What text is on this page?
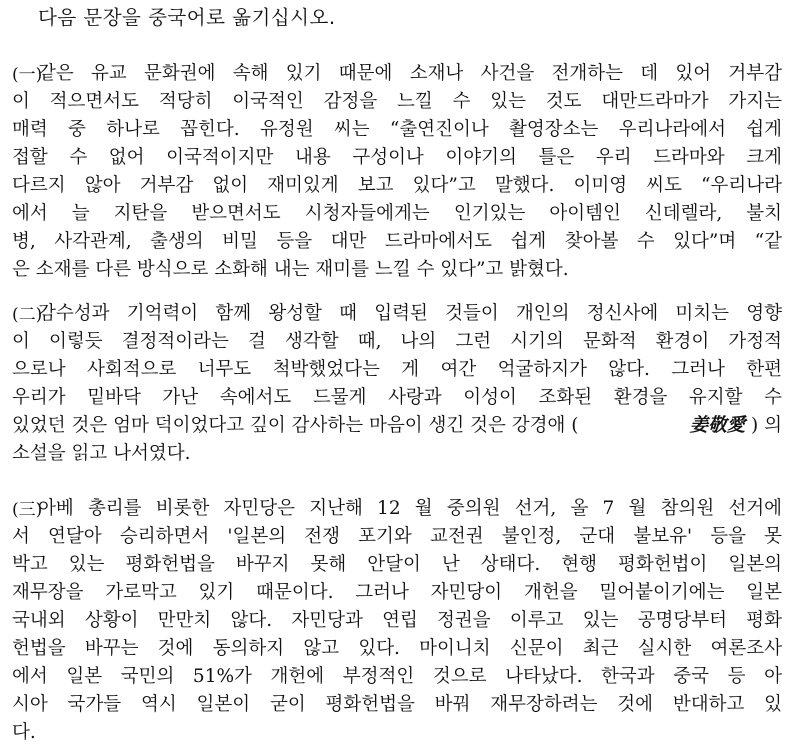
다음 문장을 중국어로 옮기십시오.
(一)
같은 유교 문화권에 속해 있기 때문에 소재나 사건을 전개하는 데 있어 거부감
이 적으면서도 적당히 이국적인 감정을 느낄 수 있는 것도 대만드라마가 가지는
매력 중 하나로 꼽힌다. 유정원 씨는 “출연진이나 촬영장소는 우리나라에서 쉽게
접할 수 없어 이국적이지만 내용 구성이나 이야기의 틀은 우리 드라마와 크게
다르지 않아 거부감 없이 재미있게 보고 있다”고 말했다. 이미영 씨도 “우리나라
에서 늘 지탄을 받으면서도 시청자들에게는 인기있는 아이템인 신데렐라, 불치
병, 사각관계, 출생의 비밀 등을 대만 드라마에서도 쉽게 찾아볼 수 있다”며 “같
은 소재를 다른 방식으로 소화해 내는 재미를 느낄 수 있다”고 밝혔다.
(二)
감수성과 기억력이 함께 왕성할 때 입력된 것들이 개인의 정신사에 미치는 영향
이 이렇듯 결정적이라는 걸 생각할 때, 나의 그런 시기의 문화적 환경이 가정적
으로나 사회적으로 너무도 척박했었다는 게 여간 억굴하지가 않다. 그러나 한편
우리가 밑바닥 가난 속에서도 드물게 사랑과 이성이 조화된 환경을 유지할 수
있었던 것은 엄마 덕이었다고 깊이 감사하는 마음이 생긴 것은 강경애 (	姜敬愛 ) 의
소설을 읽고 나서였다.
(三)
아베 총리를 비롯한 자민당은 지난해 12 월 중의원 선거, 올 7 월 참의원 선거에
서 연달아 승리하면서 '일본의 전쟁 포기와 교전권 불인정, 군대 불보유' 등을 못
박고 있는 평화헌법을 바꾸지 못해 안달이 난 상태다. 현행 평화헌법이 일본의
재무장을 가로막고 있기 때문이다. 그러나 자민당이 개헌을 밀어붙이기에는 일본
국내외 상황이 만만치 않다. 자민당과 연립 정권을 이루고 있는 공명당부터 평화
헌법을 바꾸는 것에 동의하지 않고 있다. 마이니치 신문이 최근 실시한 여론조사
에서 일본 국민의 51%가 개헌에 부정적인 것으로 나타났다. 한국과 중국 등 아
시아 국가들 역시 일본이 굳이 평화헌법을 바꿔 재무장하려는 것에 반대하고 있
다.
